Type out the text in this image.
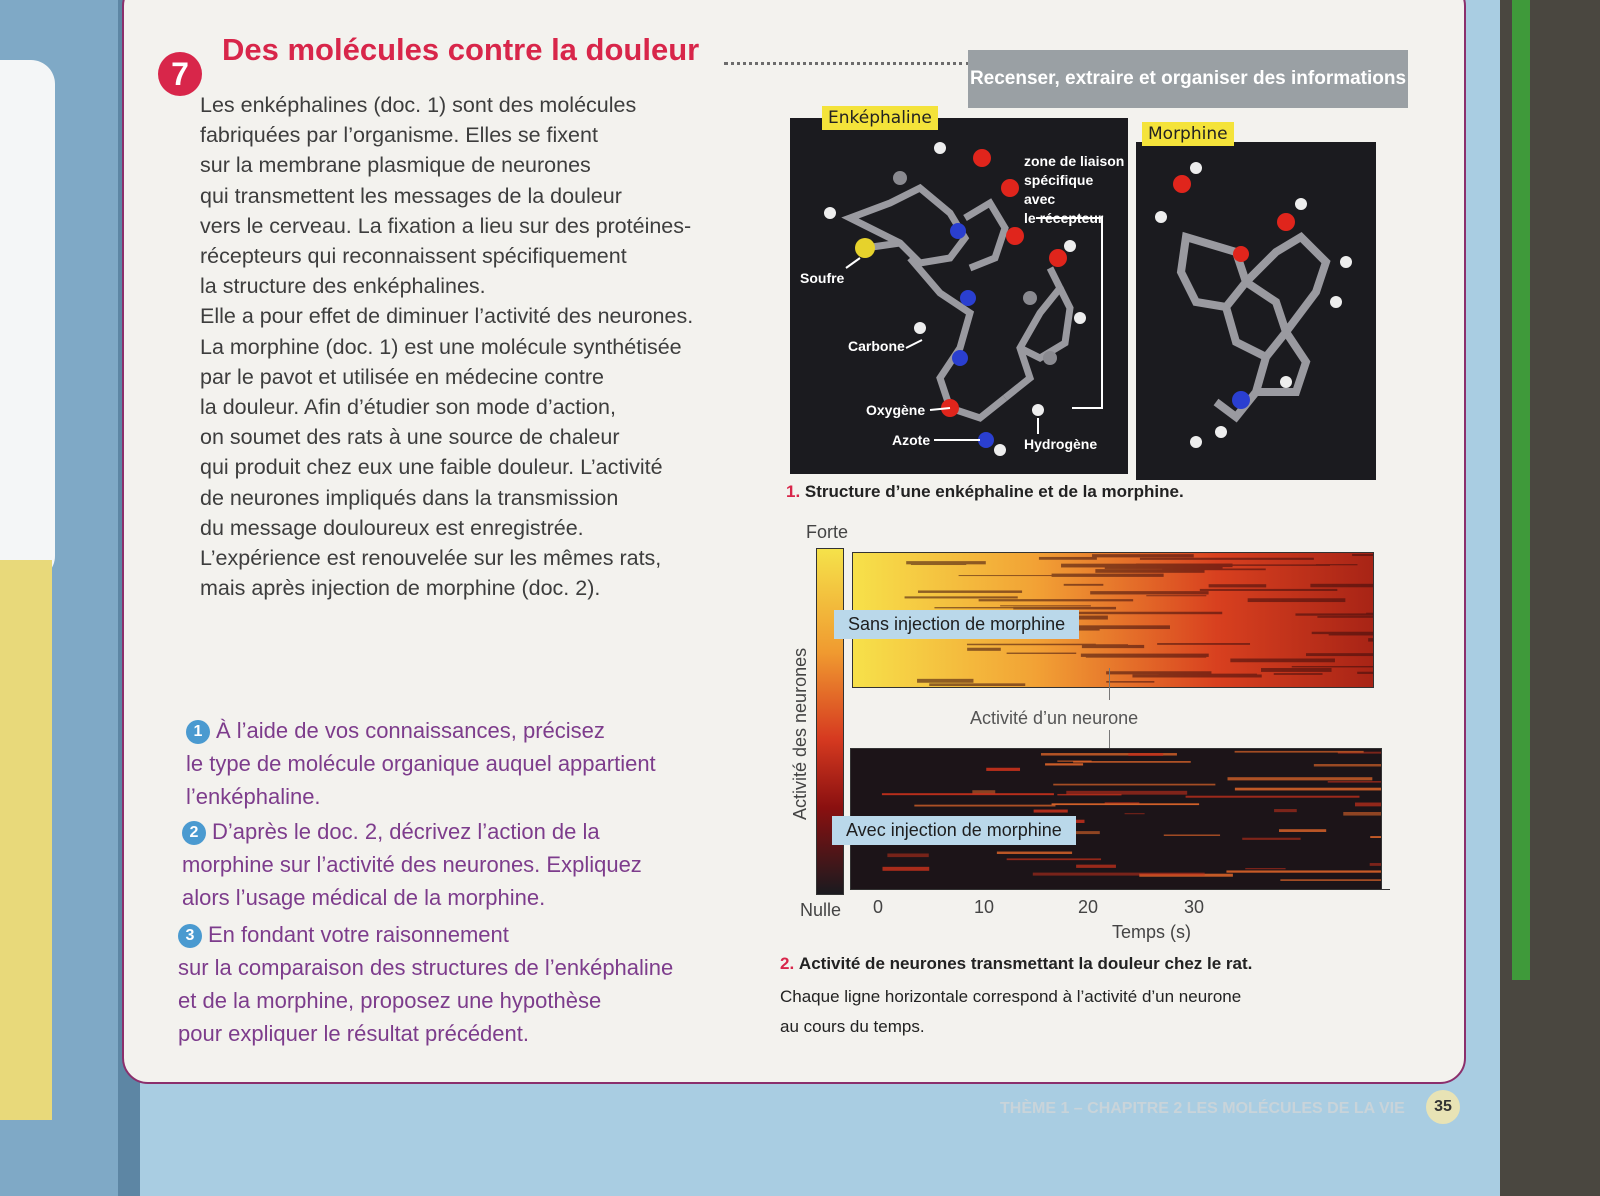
7
Des molécules contre la douleur
Recenser, extraire et organiser des informations

Les enképhalines (doc. 1) sont des molécules

fabriquées par l’organisme. Elles se fixent

sur la membrane plasmique de neurones

qui transmettent les messages de la douleur

vers le cerveau. La fixation a lieu sur des protéines-

récepteurs qui reconnaissent spécifiquement

la structure des enképhalines.

Elle a pour effet de diminuer l’activité des neurones.

La morphine (doc. 1) est une molécule synthétisée

par le pavot et utilisée en médecine contre

la douleur. Afin d’étudier son mode d’action,

on soumet des rats à une source de chaleur

qui produit chez eux une faible douleur. L’activité

de neurones impliqués dans la transmission

du message douloureux est enregistrée.

L’expérience est renouvelée sur les mêmes rats,

mais après injection de morphine (doc. 2).

1 À l’aide de vos connaissances, précisez
le type de molécule organique auquel appartient
l’enképhaline.
2 D’après le doc. 2, décrivez l’action de la
morphine sur l’activité des neurones. Expliquez
alors l’usage médical de la morphine.
3 En fondant votre raisonnement
sur la comparaison des structures de l’enképhaline
et de la morphine, proposez une hypothèse
pour expliquer le résultat précédent.
Soufre
Carbone
Oxygène
Azote	Hydrogène
zone de liaison
spécifique avec
le récepteur
Enképhaline
Morphine
1. Structure d’une enképhaline et de la morphine.
Forte
Nulle
Activité des neurones
Sans injection de morphine
Activité d’un neurone
Avec injection de morphine
0	10	20	30
Temps (s)
2. Activité de neurones transmettant la douleur chez le rat.
Chaque ligne horizontale correspond à l’activité d’un neurone
au cours du temps.
THÈME 1 – CHAPITRE 2 LES MOLÉCULES DE LA VIE	35
